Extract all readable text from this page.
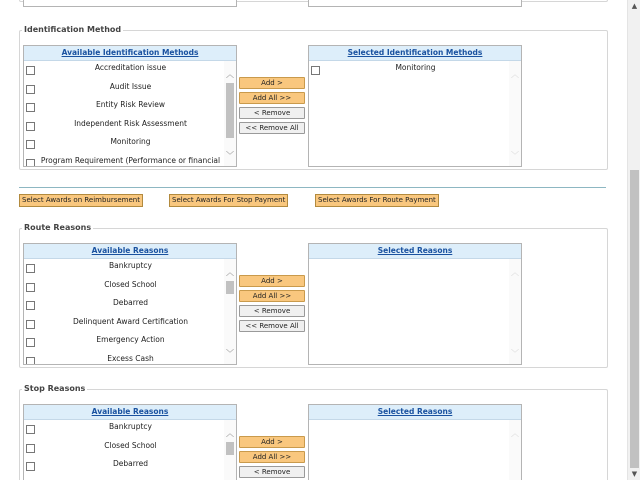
Identification Method
Available Identification Methods
Accreditation issue
Audit Issue
Entity Risk Review
Independent Risk Assessment
Monitoring
Program Requirement (Performance or financial
︿
﹀
Add >
Add All >>
< Remove
<< Remove All
Selected Identification Methods
Monitoring
︿
﹀
Select Awards on Reimbursement	Select Awards For Stop Payment	Select Awards For Route Payment
Route Reasons
Available Reasons
Bankruptcy
Closed School
Debarred
Delinquent Award Certification
Emergency Action
Excess Cash
︿
﹀
Add >
Add All >>
< Remove
<< Remove All
Selected Reasons
︿
﹀
Stop Reasons
Available Reasons
Bankruptcy
Closed School
Debarred
︿
Add >
Add All >>
< Remove
Selected Reasons
︿
▲
▼
